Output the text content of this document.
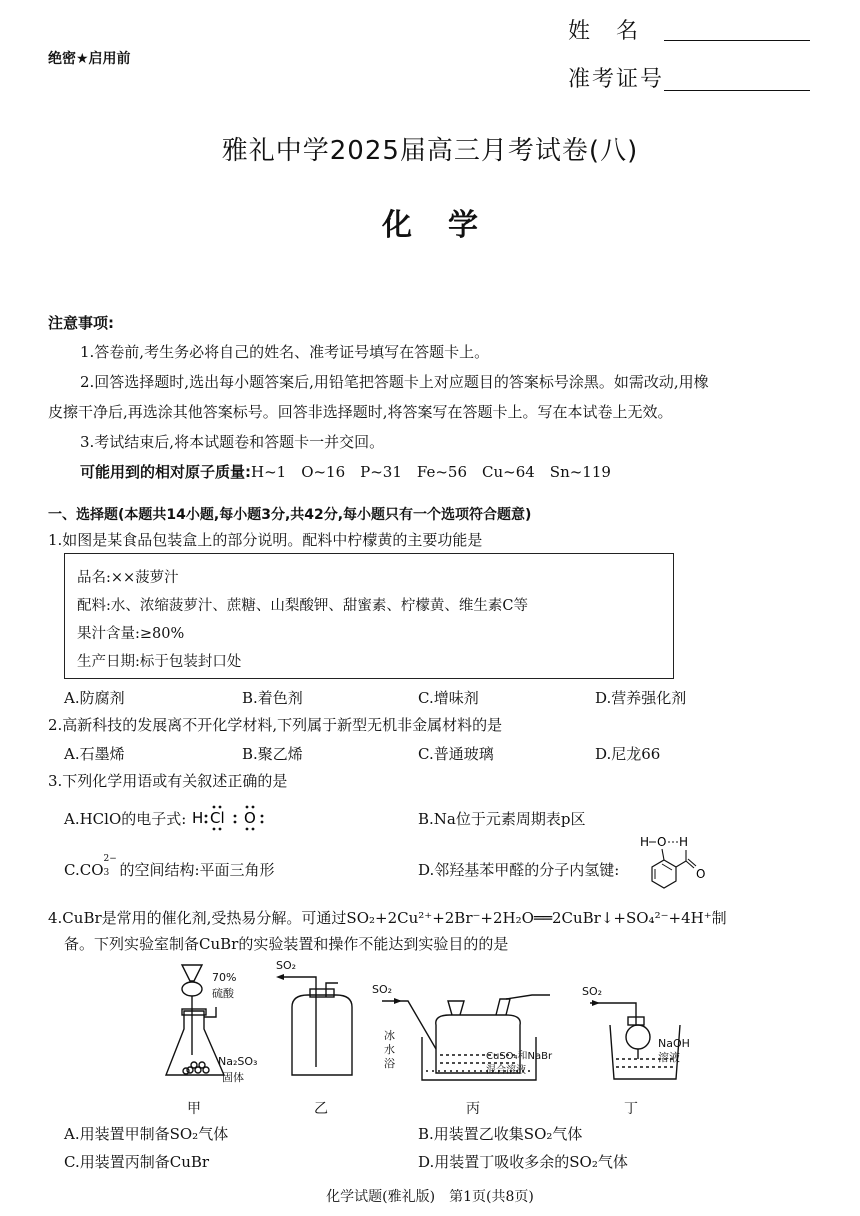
绝密★启用前
姓　名
准考证号
雅礼中学2025届高三月考试卷(八)
化学
注意事项:
1.答卷前,考生务必将自己的姓名、准考证号填写在答题卡上。
2.回答选择题时,选出每小题答案后,用铅笔把答题卡上对应题目的答案标号涂黑。如需改动,用橡
皮擦干净后,再选涂其他答案标号。回答非选择题时,将答案写在答题卡上。写在本试卷上无效。
3.考试结束后,将本试题卷和答题卡一并交回。
可能用到的相对原子质量:H~1　O~16　P~31　Fe~56　Cu~64　Sn~119
一、选择题(本题共14小题,每小题3分,共42分,每小题只有一个选项符合题意)
1.如图是某食品包装盒上的部分说明。配料中柠檬黄的主要功能是
品名:××菠萝汁
配料:水、浓缩菠萝汁、蔗糖、山梨酸钾、甜蜜素、柠檬黄、维生素C等
果汁含量:≥80%
生产日期:标于包装封口处
A.防腐剂	B.着色剂	C.增味剂	D.营养强化剂
2.高新科技的发展离不开化学材料,下列属于新型无机非金属材料的是
A.石墨烯	B.聚乙烯	C.普通玻璃	D.尼龙66
3.下列化学用语或有关叙述正确的是
A.HClO的电子式: H Cl O	B.Na位于元素周期表p区
C.CO
2−
3 的空间结构:平面三角形	D.邻羟基苯甲醛的分子内氢键:
H O H
O
4.CuBr是常用的催化剂,受热易分解。可通过SO₂+2Cu²⁺+2Br⁻+2H₂O══2CuBr↓+SO₄²⁻+4H⁺制
备。下列实验室制备CuBr的实验装置和操作不能达到实验目的的是
70%
硫酸
Na₂SO₃
固体
SO₂
SO₂
冰
水
浴
CuSO₄和NaBr
混合溶液
SO₂
NaOH
溶液
甲	乙	丙	丁
A.用装置甲制备SO₂气体	B.用装置乙收集SO₂气体
C.用装置丙制备CuBr	D.用装置丁吸收多余的SO₂气体
化学试题(雅礼版)　第1页(共8页)
